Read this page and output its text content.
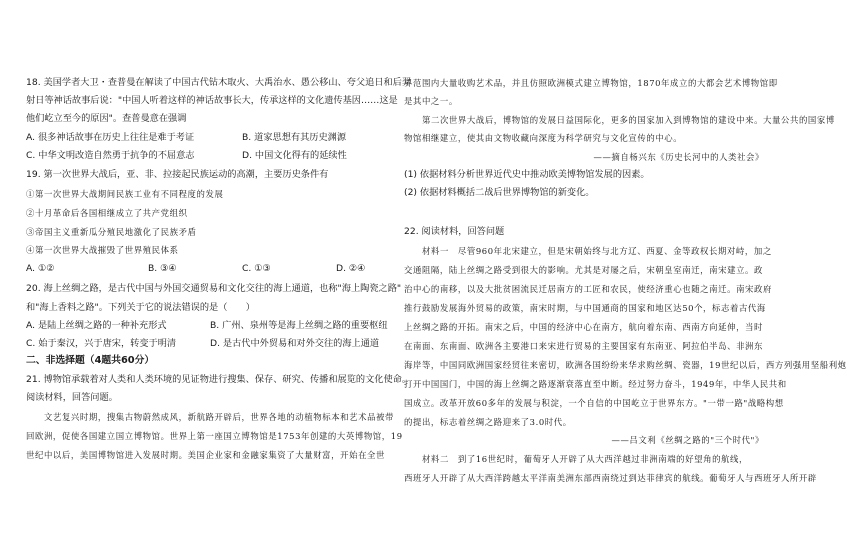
18. 美国学者大卫・查普曼在解读了中国古代钻木取火、大禹治水、愚公移山、夸父追日和后羿
射日等神话故事后说："中国人听着这样的神话故事长大，传承这样的文化遗传基因……这是
他们屹立至今的原因"。查普曼意在强调
A. 很多神话故事在历史上往往是难于考证	B. 道家思想有其历史渊源
C. 中华文明改造自然勇于抗争的不屈意志	D. 中国文化得有的延续性
19. 第一次世界大战后，亚、非、拉接起民族运动的高潮，主要历史条件有
①第一次世界大战期间民族工业有不同程度的发展
②十月革命后各国相继成立了共产党组织
③帝国主义重新瓜分殖民地激化了民族矛盾
④第一次世界大战摧毁了世界殖民体系
A. ①②	B. ③④	C. ①③	D. ②④
20. 海上丝绸之路，是古代中国与外国交通贸易和文化交往的海上通道，也称"海上陶瓷之路"
和"海上香料之路"。下列关于它的说法错误的是（　　）
A. 是陆上丝绸之路的一种补充形式	B. 广州、泉州等是海上丝绸之路的重要枢纽
C. 始于秦汉，兴于唐宋，转变于明清	D. 是古代中外贸易和对外交往的海上通道
二、非选择题（4题共60分）
21. 博物馆承载着对人类和人类环境的见证物进行搜集、保存、研究、传播和展览的文化使命。
阅读材料，回答问题。
文艺复兴时期，搜集古物蔚然成风，新航路开辟后，世界各地的动植物标本和艺术品被带
回欧洲，促使各国建立国立博物馆。世界上第一座国立博物馆是1753年创建的大英博物馆，19
世纪中以后，美国博物馆进入发展时期。美国企业家和金融家集资了大量财富，开始在全世
界范围内大量收购艺术品，并且仿照欧洲模式建立博物馆，1870年成立的大都会艺术博物馆即
是其中之一。
第二次世界大战后，博物馆的发展日益国际化，更多的国家加入到博物馆的建设中来。大量公共的国家博
物馆相继建立，使其由文物收藏向深度为科学研究与文化宣传的中心。
——摘自杨兴东《历史长河中的人类社会》
(1) 依据材料分析世界近代史中推动欧美博物馆发展的因素。
(2) 依据材料概括二战后世界博物馆的新变化。
22. 阅读材料，回答问题
材料一　尽管960年北宋建立，但是宋朝始终与北方辽、西夏、金等政权长期对峙，加之
交通阻隔，陆上丝绸之路受到很大的影响。尤其是对屡之后，宋朝皇室南迁，南宋建立。政
治中心的南移，以及大批贫困流民迁居南方的工匠和农民，使经济重心也随之南迁。南宋政府
推行鼓励发展海外贸易的政策，南宋时期，与中国通商的国家和地区达50个，标志着古代海
上丝绸之路的开拓。南宋之后，中国的经济中心在南方，航向着东南、西南方向延伸，当时
在南面、东南面、欧洲各主要港口来宋进行贸易的主要国家有东南亚、阿拉伯半岛、非洲东
海岸等，中国同欧洲国家经贸往来密切，欧洲各国纷纷来华求购丝绸、瓷器，19世纪以后，西方列强用坚船利炮
打开中国国门，中国的海上丝绸之路逐渐衰落直至中断。经过努力奋斗，1949年，中华人民共和
国成立。改革开放60多年的发展与积淀，一个自信的中国屹立于世界东方。"一带一路"战略构想
的提出，标志着丝绸之路迎来了3.0时代。
——吕文利《丝绸之路的"三个时代"》
材料二　到了16世纪时，葡萄牙人开辟了从大西洋越过非洲南端的好望角的航线，
西班牙人开辟了从大西洋跨越太平洋南美洲东部西南绕过到达菲律宾的航线。葡萄牙人与西班牙人所开辟
